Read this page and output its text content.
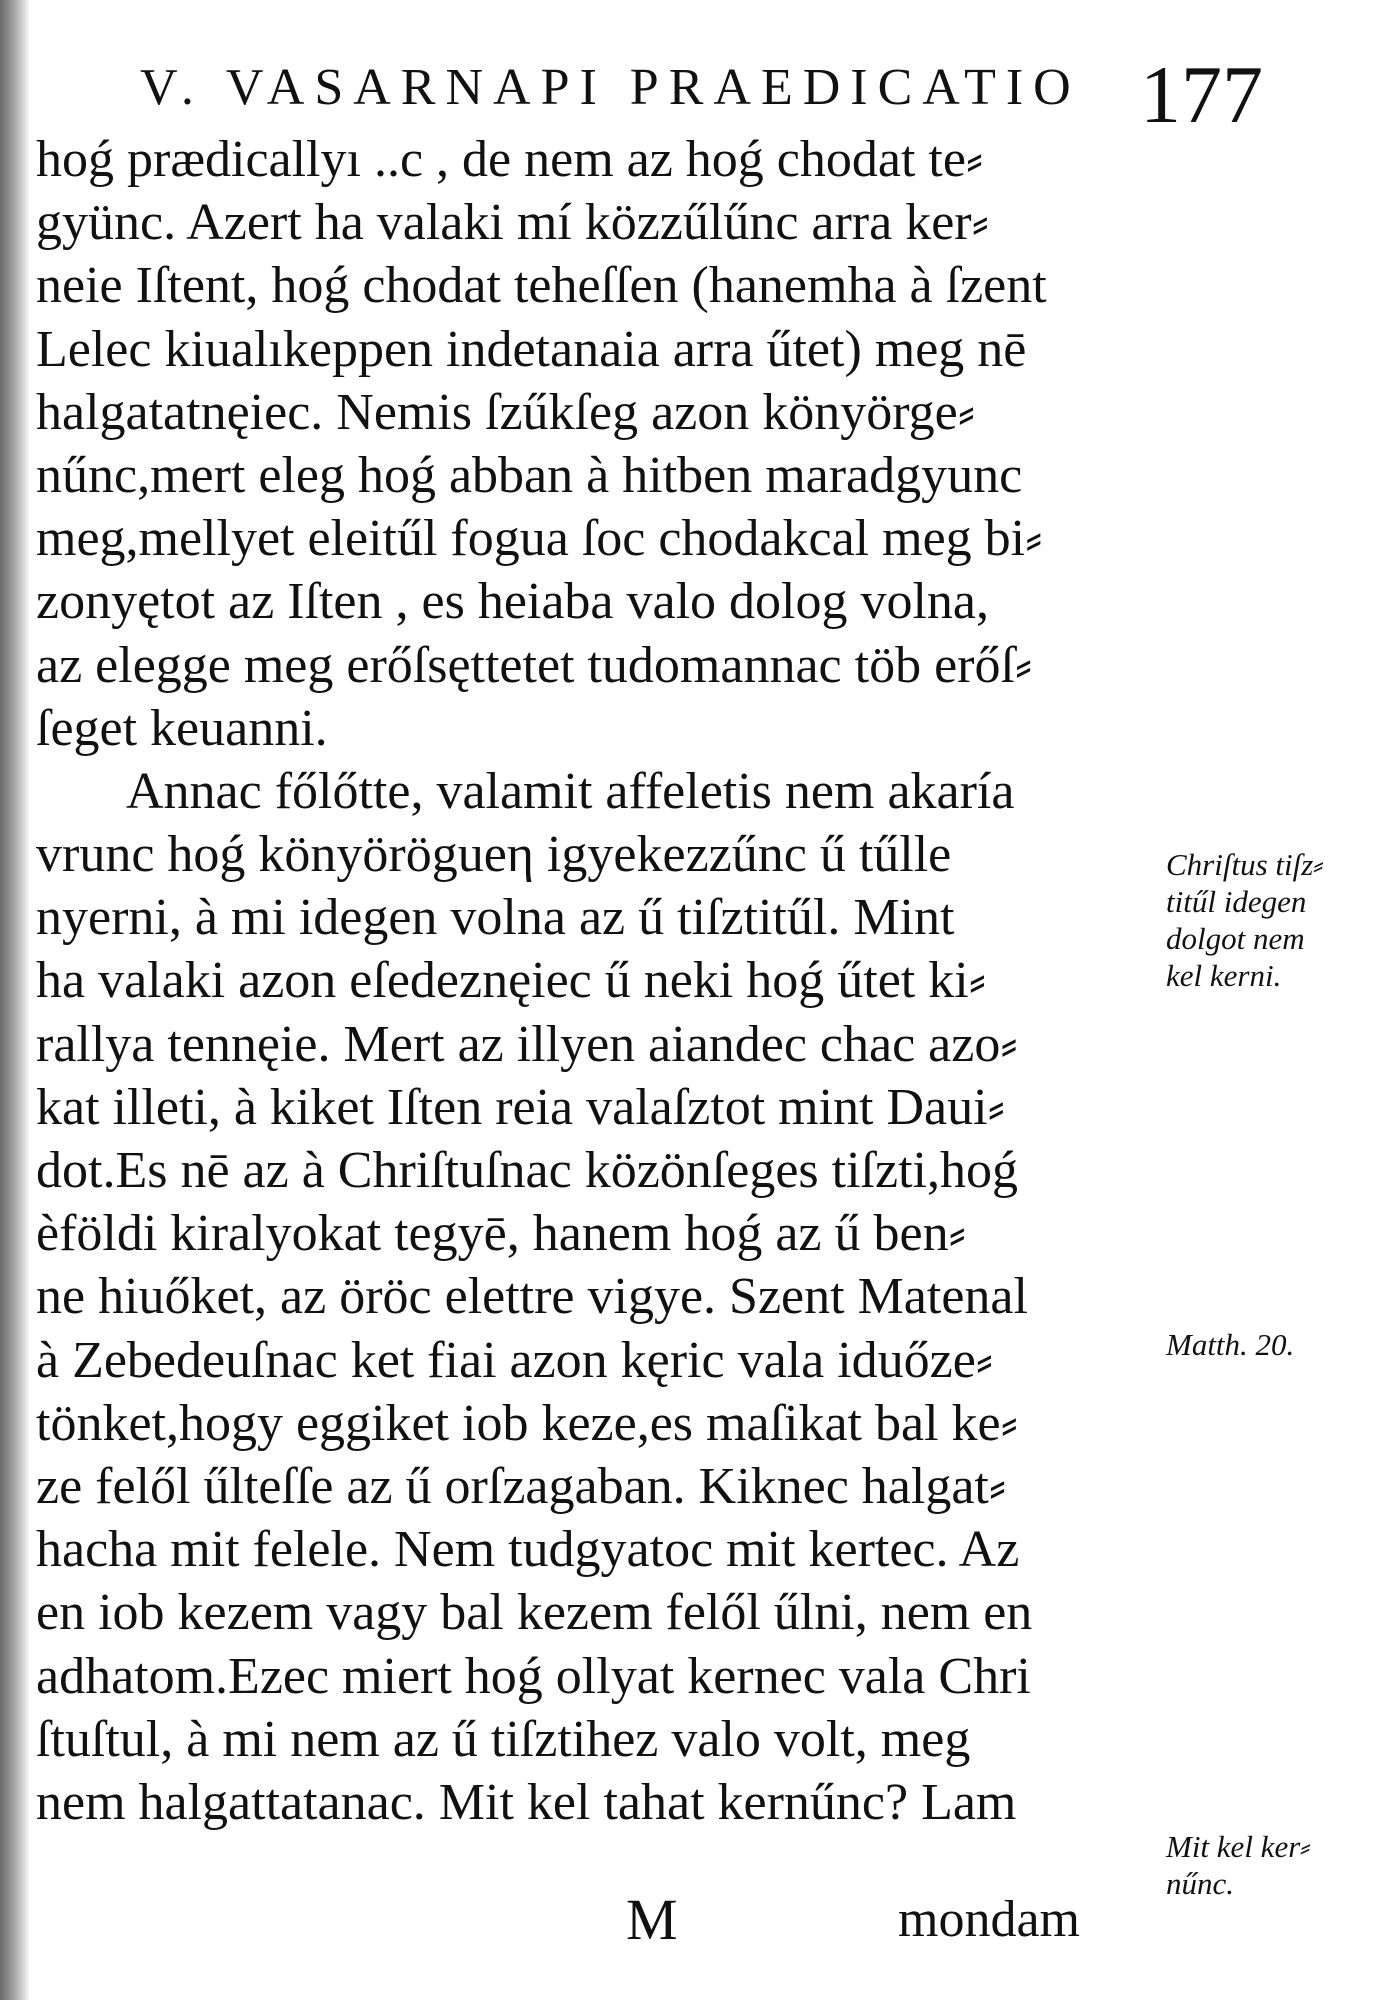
V. VASARNAPI PRAEDICATIO 177
hoǵ prædicallyı ..c , de nem az hoǵ chodat te⸗
gyünc. Azert ha valaki mí közzűlűnc arra ker⸗
neie Iſtent, hoǵ chodat teheſſen (hanemha à ſzent
Lelec kiualıkeppen indetanaia arra űtet) meg nē
halgatatnęiec. Nemis ſzűkſeg azon könyörge⸗
nűnc,mert eleg hoǵ abban à hitben maradgyunc
meg,mellyet eleitűl fogua ſoc chodakcal meg bi⸗
zonyętot az Iſten , es heiaba valo dolog volna,
az elegge meg erőſsęttetet tudomannac töb erőſ⸗
ſeget keuanni.
Annac főlőtte, valamit affeletis nem akaría
vrunc hoǵ könyörögueη igyekezzűnc ű tűlle
nyerni, à mi idegen volna az ű tiſztitűl. Mint
ha valaki azon eſedeznęiec ű neki hoǵ űtet ki⸗
rallya tennęie. Mert az illyen aiandec chac azo⸗
kat illeti, à kiket Iſten reia valaſztot mint Daui⸗
dot.Es nē az à Chriſtuſnac közönſeges tiſzti,hoǵ
èföldi kiralyokat tegyē, hanem hoǵ az ű ben⸗
ne hiuőket, az öröc elettre vigye. Szent Matenal
à Zebedeuſnac ket fiai azon kęric vala iduőze⸗
tönket,hogy eggiket iob keze,es maſikat bal ke⸗
ze felől űlteſſe az ű orſzagaban. Kiknec halgat⸗
hacha mit felele. Nem tudgyatoc mit kertec. Az
en iob kezem vagy bal kezem felől űlni, nem en
adhatom.Ezec miert hoǵ ollyat kernec vala Chri
ſtuſtul, à mi nem az ű tiſztihez valo volt, meg
nem halgattatanac. Mit kel tahat kernűnc? Lam
Chriſtus tiſz⸗
titűl idegen
dolgot nem
kel kerni.
Matth. 20.
Mit kel ker⸗
nűnc.
M	mondam
